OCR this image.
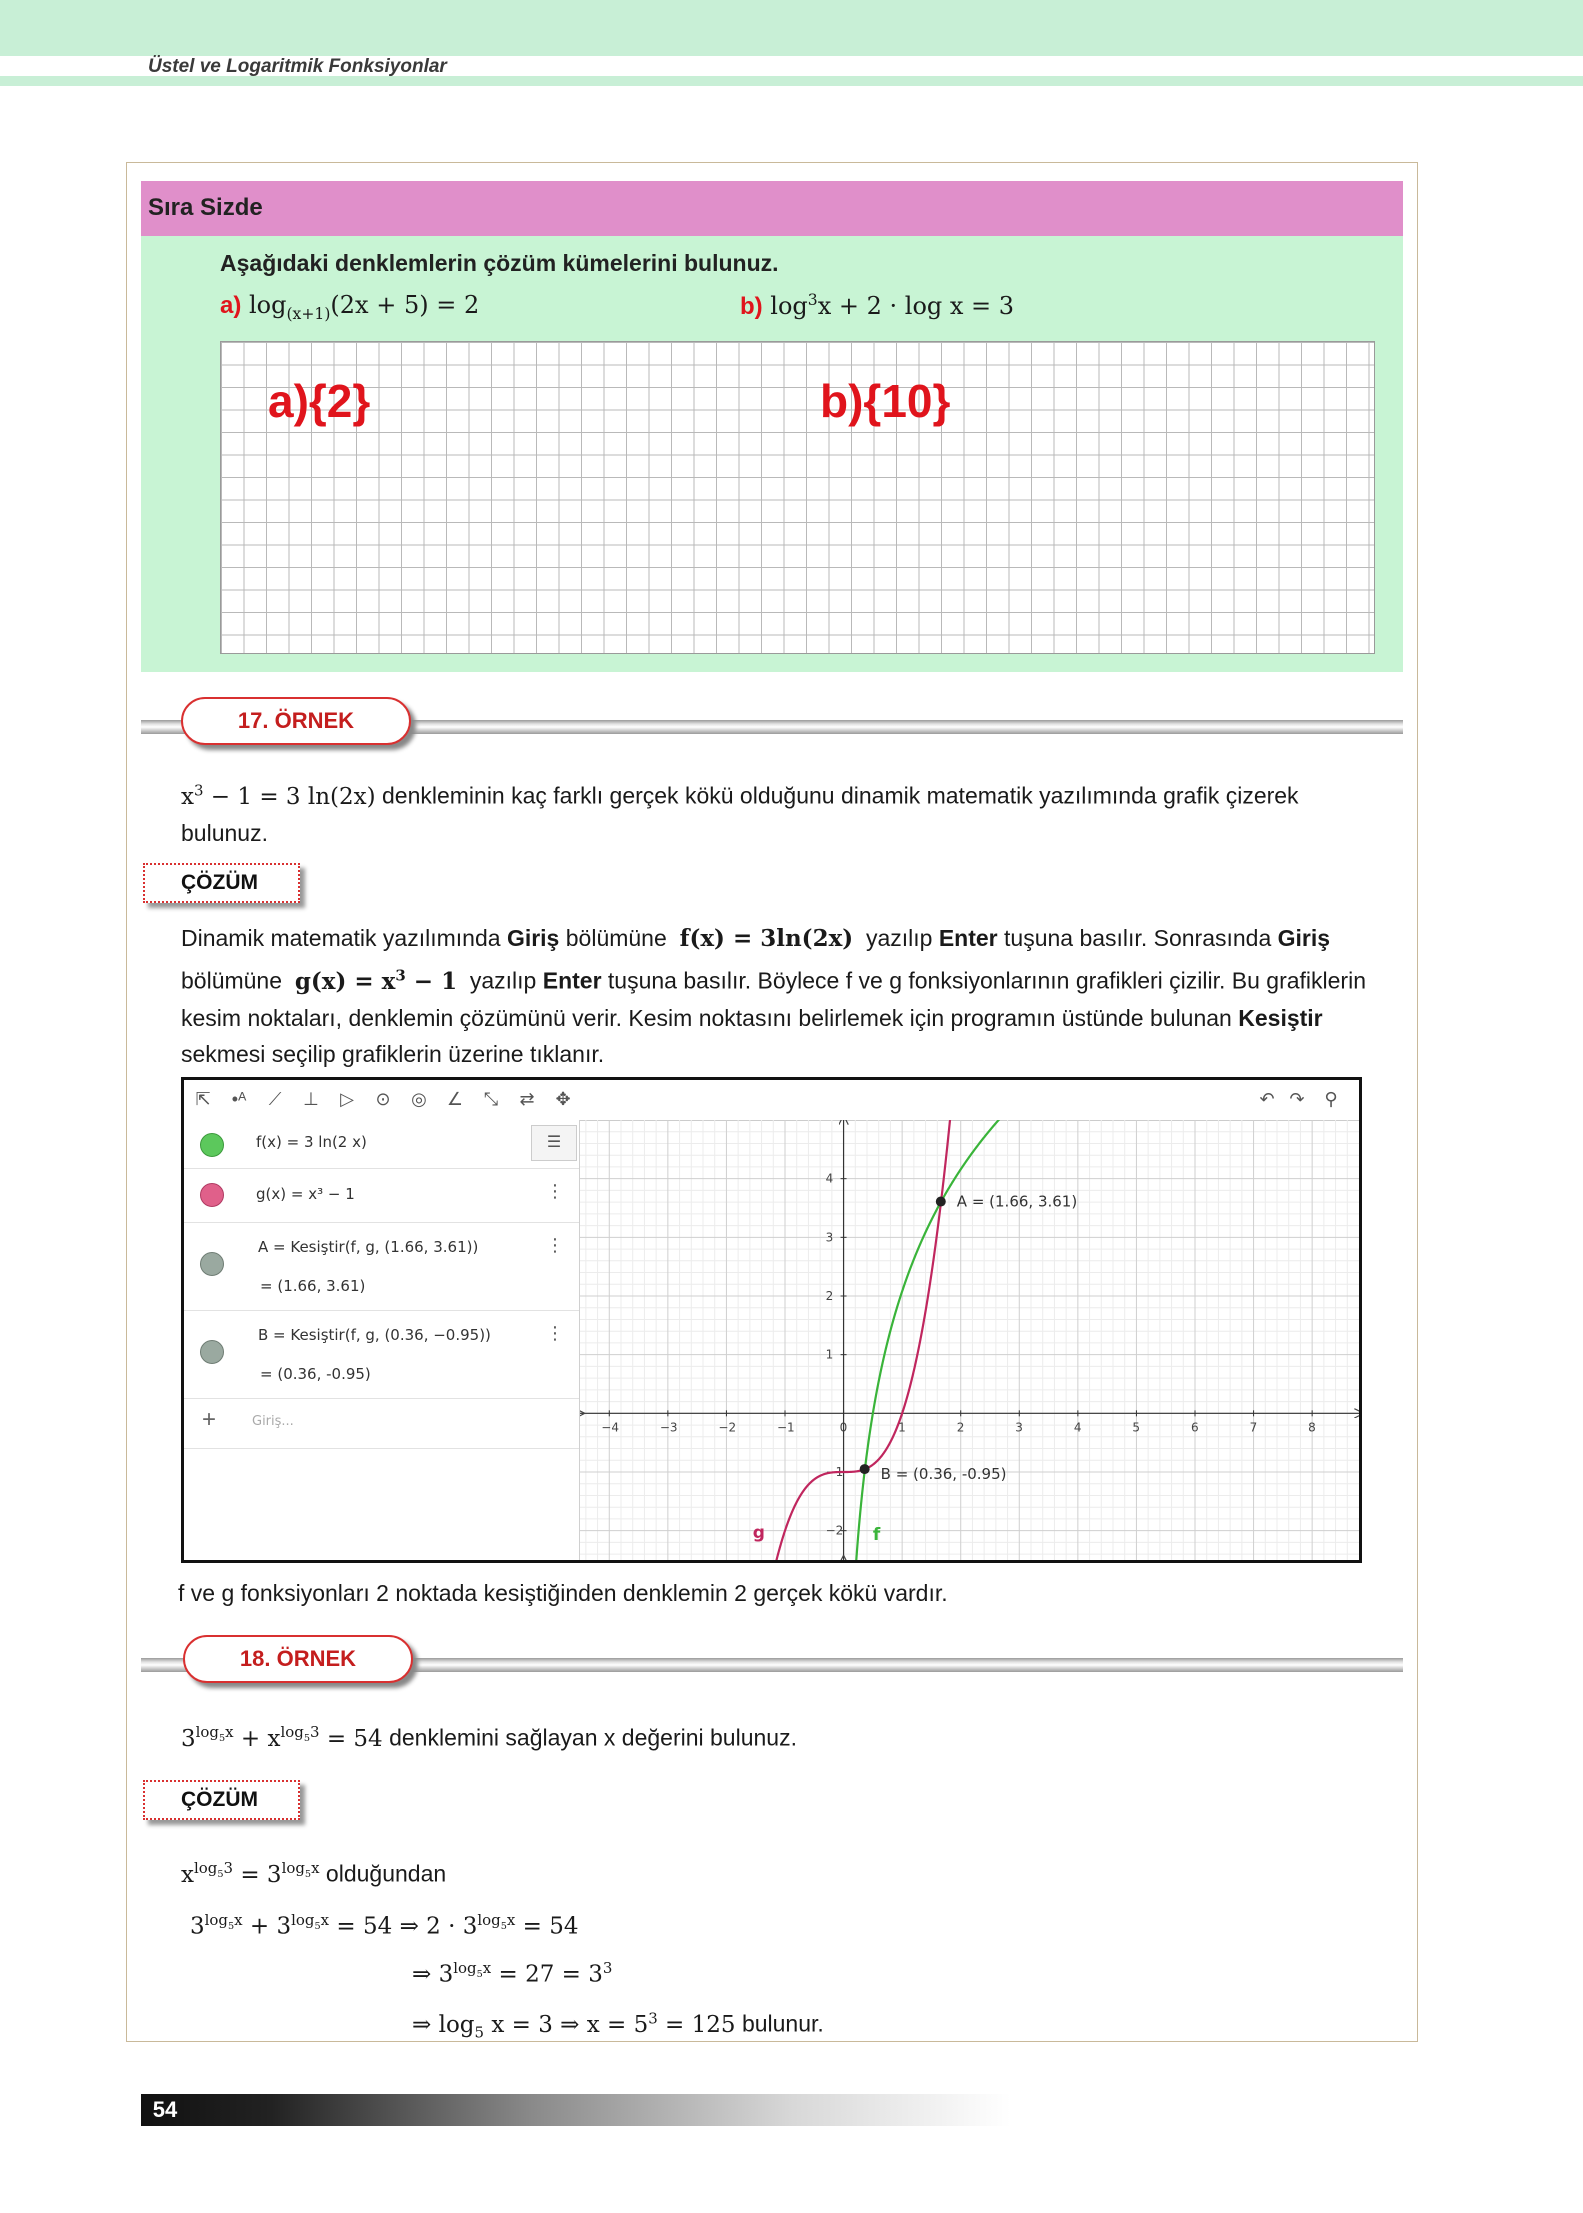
Üstel ve Logaritmik Fonksiyonlar
Sıra Sizde
Aşağıdaki denklemlerin çözüm kümelerini bulunuz.
a) $\log_{(x+1)}(2x + 5) = 2$	b) $\log^3x + 2 \cdot \log x = 3$
a){2}	b){10}
17. ÖRNEK
$x^3 - 1 = 3$ ln(2x) denkleminin kaç farklı gerçek kökü olduğunu dinamik matematik yazılımında grafik çizerek bulunuz.
ÇÖZÜM
Dinamik matematik yazılımında Giriş bölümüne f(x) = 3ln(2x) yazılıp Enter tuşuna basılır. Sonrasında Giriş bölümüne $g(x) = x^3 - 1$ yazılıp Enter tuşuna basılır. Böylece f ve g fonksiyonlarının grafikleri çizilir. Bu grafiklerin kesim noktaları, denklemin çözümünü verir. Kesim noktasını belirlemek için programın üstünde bulunan Kesiştir sekmesi seçilip grafiklerin üzerine tıklanır.
⇱	•ᴬ	⟋	⊥	▷	⊙	◎ ∠	⤡	⇄	✥	↶ ↷	⚲
☰
f(x) = 3 ln(2 x)
g(x) = x³ − 1	⋮
A = Kesiştir(f, g, (1.66, 3.61))
= (1.66, 3.61)
⋮
B = Kesiştir(f, g, (0.36, −0.95))
= (0.36, -0.95)
⋮
+	Giriş...	−4	−3	−2	−1	0	1	2	3	4	5	6	7	8
−2
−1
1
2
3
4
A = (1.66, 3.61)
B = (0.36, -0.95)
f
g
f ve g fonksiyonları 2 noktada kesiştiğinden denklemin 2 gerçek kökü vardır.
18. ÖRNEK
$3^{log_5x} + x^{log_53} = 54$ denklemini sağlayan x değerini bulunuz.
ÇÖZÜM
$x^{log_53} = 3^{log_5x}$ olduğundan
$3^{log_5x} + 3^{log_5x} = 54$ ⇒ $2 \cdot 3^{log_5x} = 54$
⇒ $3^{log_5x} = 27 = 3^3$
⇒ $\log_5 x = 3$ ⇒ $x = 5^3 = 125$ bulunur.
54
